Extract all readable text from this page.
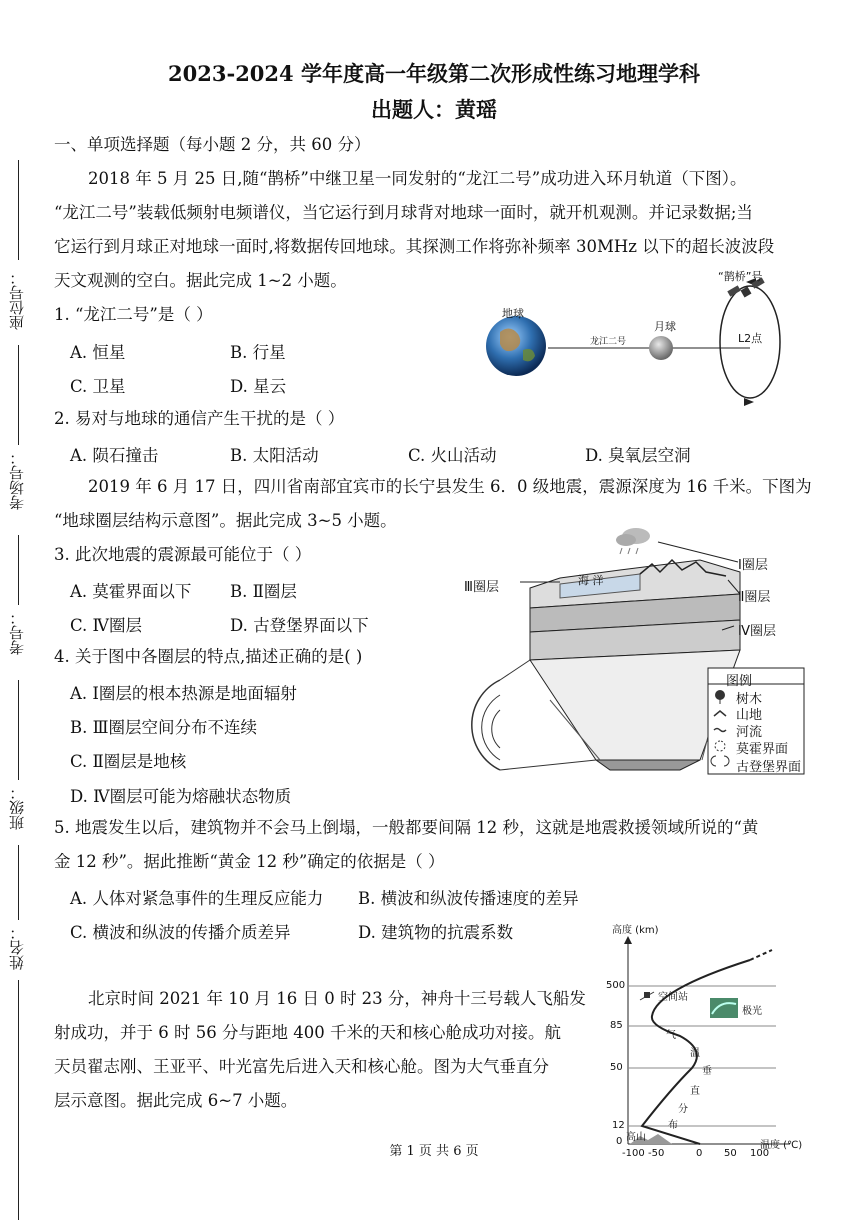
座位号：
考场号：
考号：
班级：
姓名：
2023-2024 学年度高一年级第二次形成性练习地理学科
出题人：黄瑶
一、单项选择题（每小题 2 分，共 60 分）
2018 年 5 月 25 日,随“鹊桥”中继卫星一同发射的“龙江二号”成功进入环月轨道（下图）。
“龙江二号”装载低频射电频谱仪，当它运行到月球背对地球一面时，就开机观测。并记录数据;当
它运行到月球正对地球一面时,将数据传回地球。其探测工作将弥补频率 30MHz 以下的超长波波段
天文观测的空白。据此完成 1~2 小题。
1. “龙江二号”是（ ）
A. 恒星	B. 行星
C. 卫星	D. 星云
地球
月球
龙江二号
“鹊桥”号
L2点
2. 易对与地球的通信产生干扰的是（ ）
A. 陨石撞击	B. 太阳活动	C. 火山活动	D. 臭氧层空洞
2019 年 6 月 17 日，四川省南部宜宾市的长宁县发生 6．0 级地震，震源深度为 16 千米。下图为
“地球圈层结构示意图”。据此完成 3~5 小题。
3. 此次地震的震源最可能位于（ ）
A. 莫霍界面以下 B. Ⅱ圈层
C. Ⅳ圈层	D. 古登堡界面以下
4. 关于图中各圈层的特点,描述正确的是( )
A. Ⅰ圈层的根本热源是地面辐射
B. Ⅲ圈层空间分布不连续
C. Ⅱ圈层是地核
D. Ⅳ圈层可能为熔融状态物质
Ⅰ圈层
Ⅱ圈层
Ⅲ圈层
Ⅳ圈层
海 洋
图例
树木
山地
河流
莫霍界面
古登堡界面
5. 地震发生以后，建筑物并不会马上倒塌，一般都要间隔 12 秒，这就是地震救援领域所说的“黄
金 12 秒”。据此推断“黄金 12 秒”确定的依据是（ ）
A. 人体对紧急事件的生理反应能力 B. 横波和纵波传播速度的差异
C. 横波和纵波的传播介质差异	D. 建筑物的抗震系数
北京时间 2021 年 10 月 16 日 0 时 23 分，神舟十三号载人飞船发
射成功，并于 6 时 56 分与距地 400 千米的天和核心舱成功对接。航
天员翟志刚、王亚平、叶光富先后进入天和核心舱。图为大气垂直分
层示意图。据此完成 6~7 小题。
高度 (km)
温度 (℃)
空间站
极光
高山
500
85
50
12
0
-100 -50	0 50 100
气
温
垂
直
分
布
第 1 页 共 6 页
